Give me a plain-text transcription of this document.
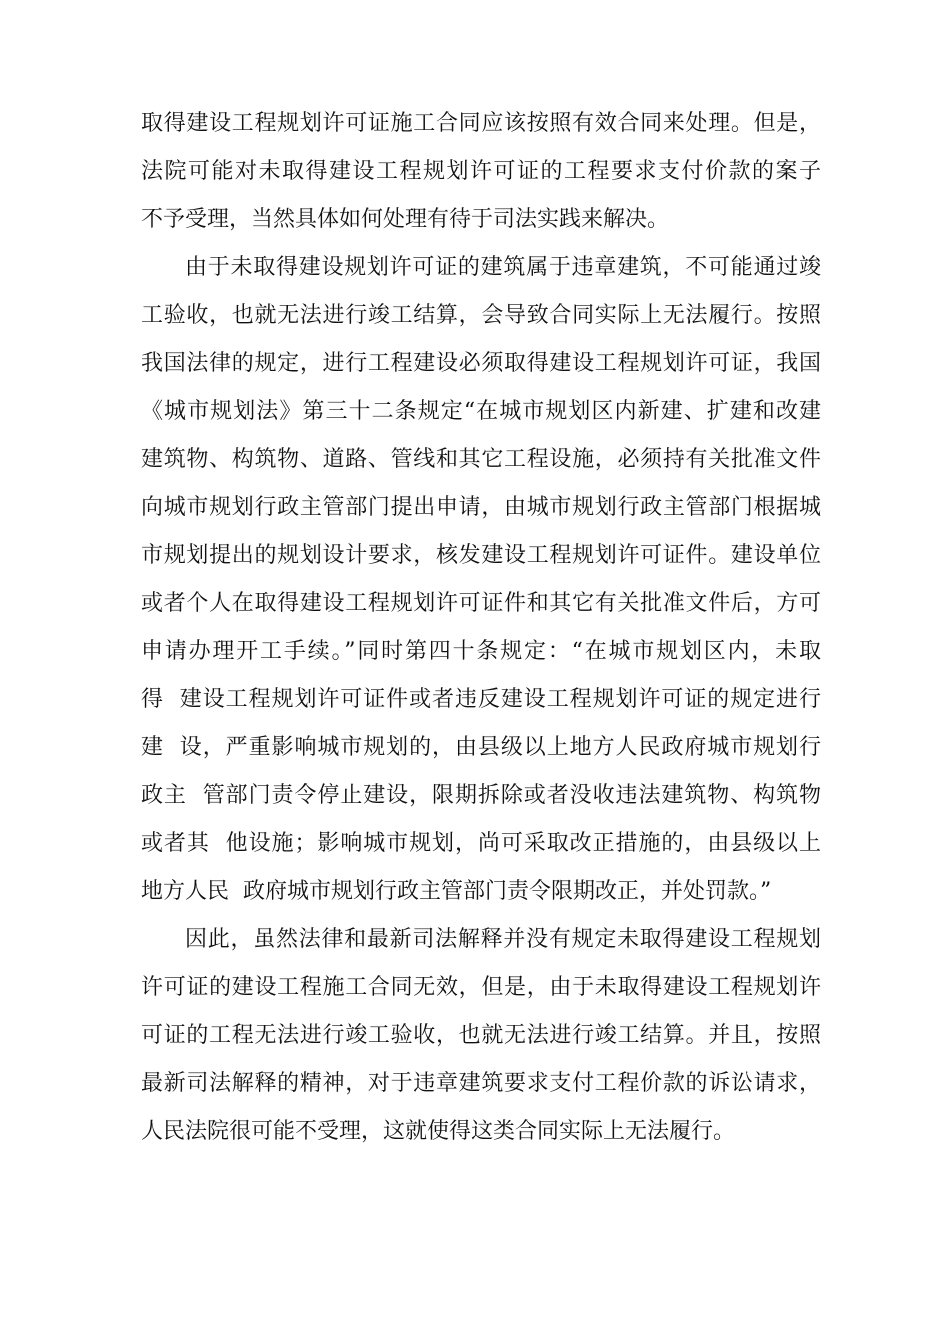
取得建设工程规划许可证施工合同应该按照有效合同来处理。但是，
法院可能对未取得建设工程规划许可证的工程要求支付价款的案子
不予受理，当然具体如何处理有待于司法实践来解决。
由于未取得建设规划许可证的建筑属于违章建筑，不可能通过竣
工验收，也就无法进行竣工结算，会导致合同实际上无法履行。按照
我国法律的规定，进行工程建设必须取得建设工程规划许可证，我国
《城市规划法》第三十二条规定“在城市规划区内新建、扩建和改建
建筑物、构筑物、道路、管线和其它工程设施，必须持有关批准文件
向城市规划行政主管部门提出申请，由城市规划行政主管部门根据城
市规划提出的规划设计要求，核发建设工程规划许可证件。建设单位
或者个人在取得建设工程规划许可证件和其它有关批准文件后，方可
申请办理开工手续。”同时第四十条规定：“在城市规划区内，未取
得  建设工程规划许可证件或者违反建设工程规划许可证的规定进行
建  设，严重影响城市规划的，由县级以上地方人民政府城市规划行
政主  管部门责令停止建设，限期拆除或者没收违法建筑物、构筑物
或者其  他设施；影响城市规划，尚可采取改正措施的，由县级以上
地方人民  政府城市规划行政主管部门责令限期改正，并处罚款。”
因此，虽然法律和最新司法解释并没有规定未取得建设工程规划
许可证的建设工程施工合同无效，但是，由于未取得建设工程规划许
可证的工程无法进行竣工验收，也就无法进行竣工结算。并且，按照
最新司法解释的精神，对于违章建筑要求支付工程价款的诉讼请求，
人民法院很可能不受理，这就使得这类合同实际上无法履行。
